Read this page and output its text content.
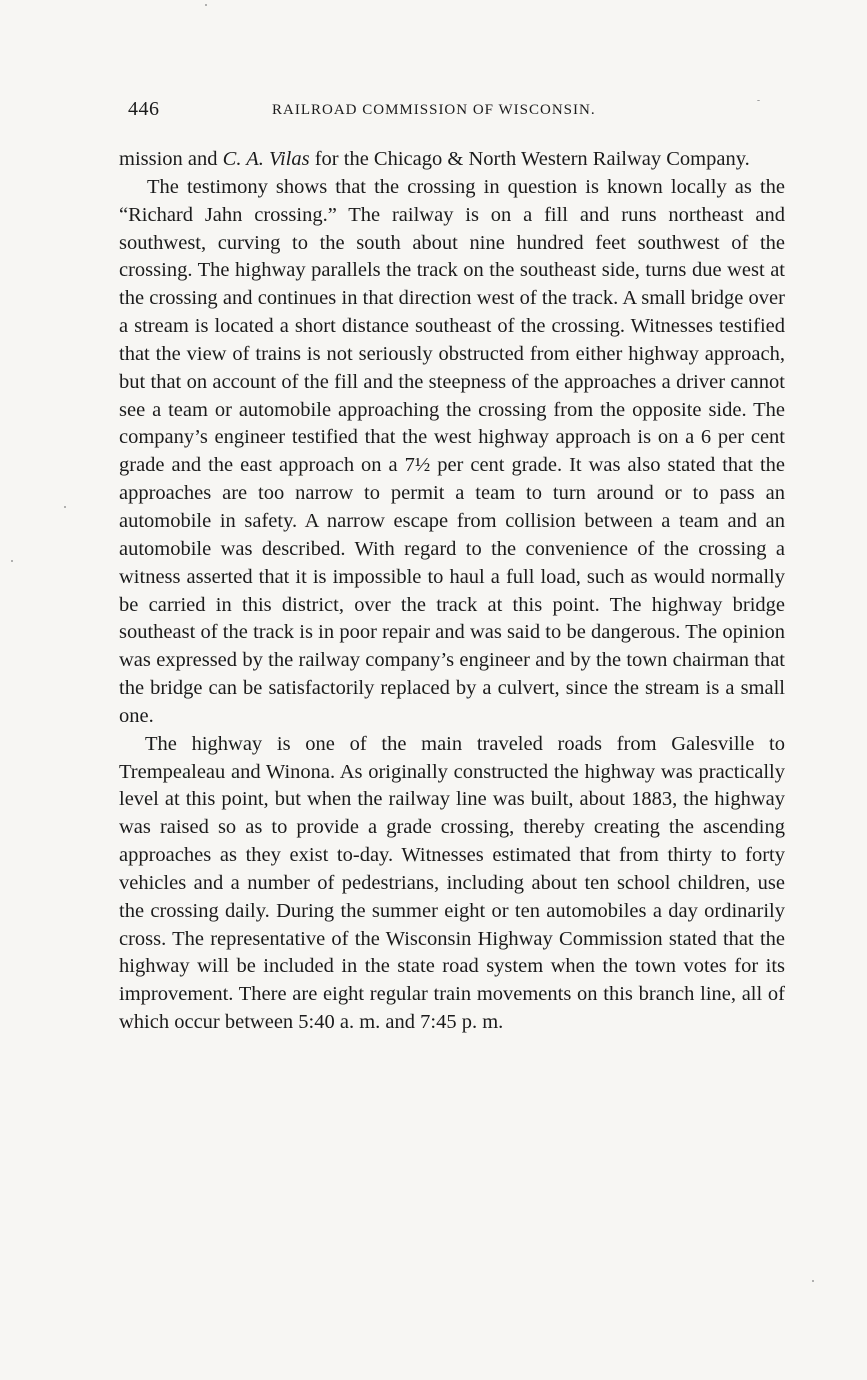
446	RAILROAD COMMISSION OF WISCONSIN.

mission and C. A. Vilas for the Chicago & North Western Railway Company.

The testimony shows that the crossing in question is known locally as the “Richard Jahn crossing.” The railway is on a fill and runs northeast and southwest, curving to the south about nine hundred feet southwest of the crossing. The highway parallels the track on the southeast side, turns due west at the crossing and continues in that direction west of the track. A small bridge over a stream is located a short distance southeast of the crossing. Witnesses testified that the view of trains is not seriously obstructed from either highway approach, but that on account of the fill and the steepness of the approaches a driver cannot see a team or automobile approaching the crossing from the opposite side. The company’s engineer testified that the west highway approach is on a 6 per cent grade and the east approach on a 7½ per cent grade. It was also stated that the approaches are too narrow to permit a team to turn around or to pass an automobile in safety. A narrow escape from collision between a team and an automobile was described. With regard to the convenience of the crossing a witness asserted that it is impossible to haul a full load, such as would normally be carried in this district, over the track at this point. The highway bridge southeast of the track is in poor repair and was said to be dangerous. The opinion was expressed by the railway company’s engineer and by the town chairman that the bridge can be satisfactorily replaced by a culvert, since the stream is a small one.

The highway is one of the main traveled roads from Galesville to Trempealeau and Winona. As originally constructed the highway was practically level at this point, but when the railway line was built, about 1883, the highway was raised so as to provide a grade crossing, thereby creating the ascending approaches as they exist to-day. Witnesses estimated that from thirty to forty vehicles and a number of pedestrians, including about ten school children, use the crossing daily. During the summer eight or ten automobiles a day ordinarily cross. The representative of the Wisconsin Highway Commission stated that the highway will be included in the state road system when the town votes for its improvement. There are eight regular train movements on this branch line, all of which occur between 5:40 a. m. and 7:45 p. m.
